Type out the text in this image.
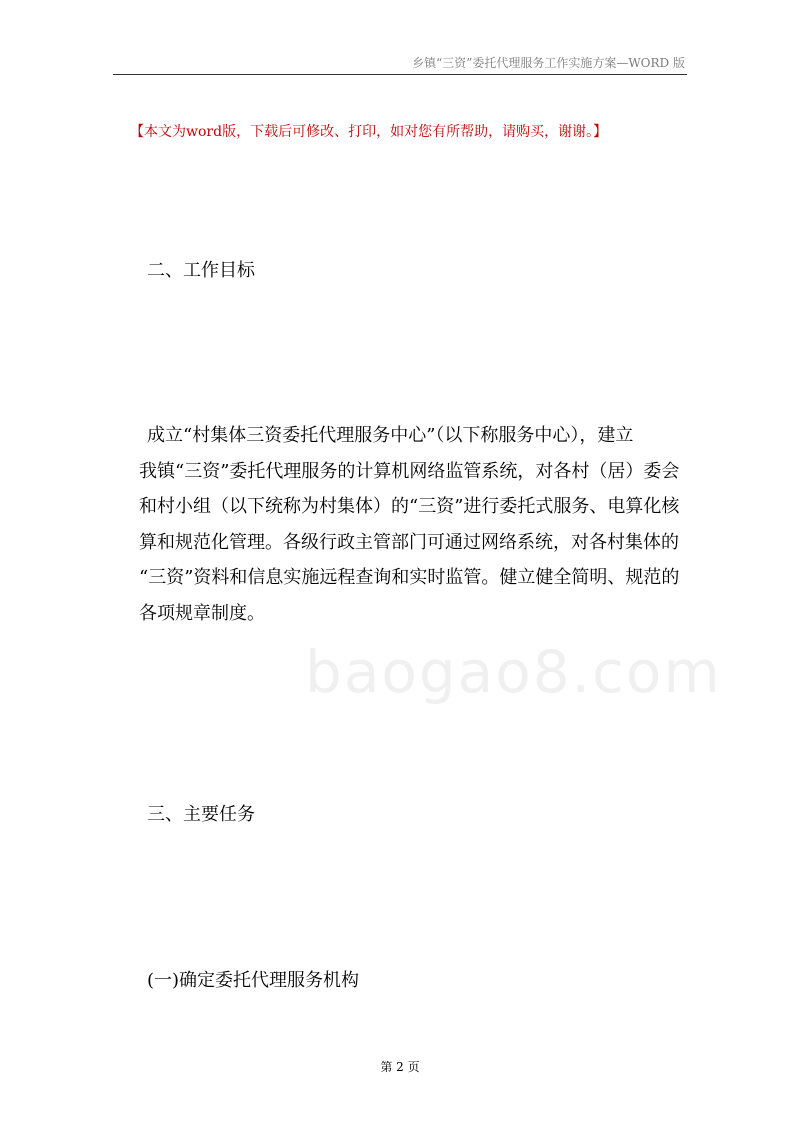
乡镇“三资”委托代理服务工作实施方案—WORD 版
【本文为word版，下载后可修改、打印，如对您有所帮助，请购买，谢谢。】
二、工作目标

成立“村集体三资委托代理服务中心”（以下称服务中心），建立

我镇“三资”委托代理服务的计算机网络监管系统，对各村（居）委会

和村小组（以下统称为村集体）的“三资”进行委托式服务、电算化核

算和规范化管理。各级行政主管部门可通过网络系统，对各村集体的

“三资”资料和信息实施远程查询和实时监管。健立健全简明、规范的

各项规章制度。

baogao8.com
三、主要任务
(一)确定委托代理服务机构
第 2 页
